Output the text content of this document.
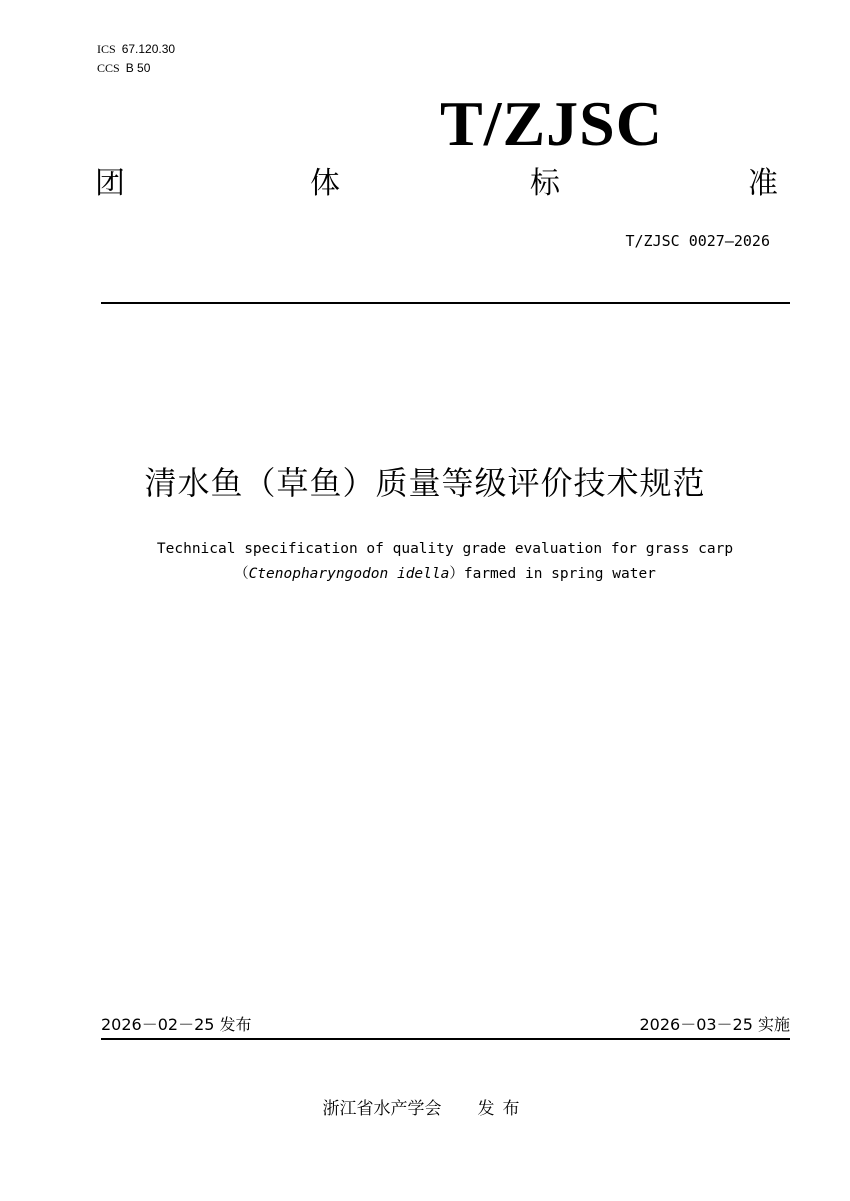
ICS 67.120.30
CCS B 50
T/ZJSC
团	体	标	准
T/ZJSC 0027—2026
清水鱼（草鱼）质量等级评价技术规范
Technical specification of quality grade evaluation for grass carp
（Ctenopharyngodon idella）farmed in spring water
2026－02－25 发布	2026－03－25 实施
浙江省水产学会 发布
